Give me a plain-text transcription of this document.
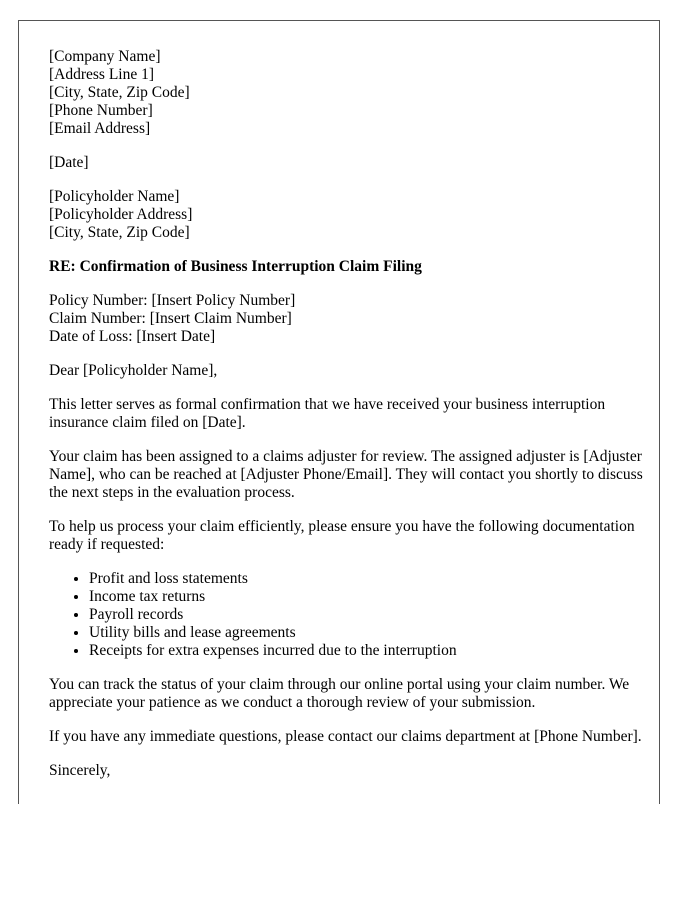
[Company Name]
[Address Line 1]
[City, State, Zip Code]
[Phone Number]
[Email Address]

[Date]

[Policyholder Name]
[Policyholder Address]
[City, State, Zip Code]
RE: Confirmation of Business Interruption Claim Filing
Policy Number: [Insert Policy Number]
Claim Number: [Insert Claim Number]
Date of Loss: [Insert Date]

Dear [Policyholder Name],

This letter serves as formal confirmation that we have received your business interruption insurance claim filed on [Date].

Your claim has been assigned to a claims adjuster for review. The assigned adjuster is [Adjuster Name], who can be reached at [Adjuster Phone/Email]. They will contact you shortly to discuss the next steps in the evaluation process.

To help us process your claim efficiently, please ensure you have the following documentation ready if requested:

• Profit and loss statements
• Income tax returns
• Payroll records
• Utility bills and lease agreements
• Receipts for extra expenses incurred due to the interruption

You can track the status of your claim through our online portal using your claim number. We appreciate your patience as we conduct a thorough review of your submission.

If you have any immediate questions, please contact our claims department at [Phone Number].

Sincerely,
